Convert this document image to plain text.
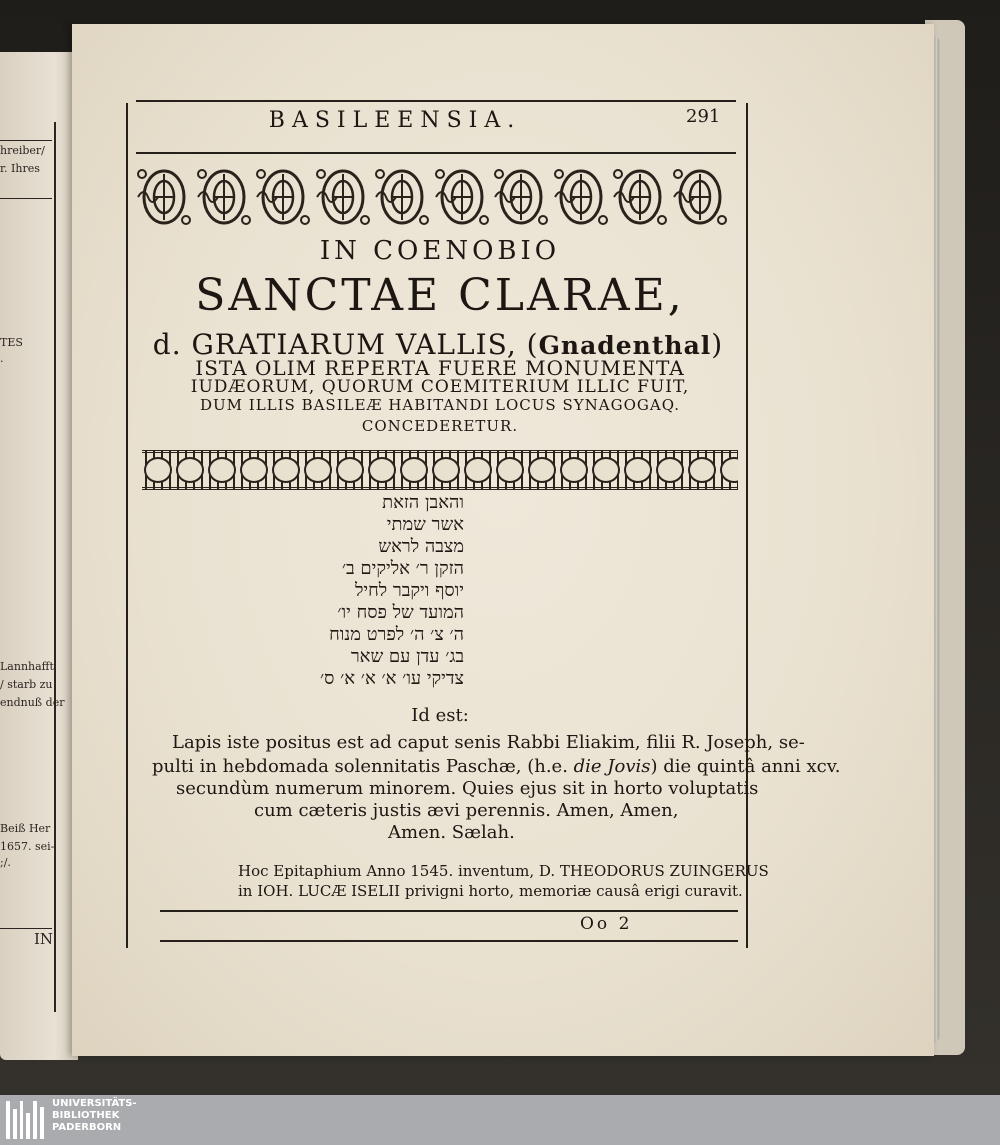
hreiber/
r. Ihres
TES
.
Lannhafft
/ starb zu
endnuß der
Beiß Her
1657. sei-
;/.
IN
BASILEENSIA.	291
IN COENOBIO
SANCTAE CLARAE,
d. GRATIARUM VALLIS, (Gnadenthal)
ISTA OLIM REPERTA FUERE MONUMENTA
IUDÆORUM, QUORUM COEMITERIUM ILLIC FUIT,
DUM ILLIS BASILEÆ HABITANDI LOCUS SYNAGOGAQ.
CONCEDERETUR.
והאבן הזאת
אשר שמתי
מצבה לראש
הזקן ר׳ אליקים ב׳
יוסף ויקבר לחיל
המועד של פסח יו׳
ה׳ צ׳ ה׳ לפרט מנוח
בג׳ עדן עם שאר
צדיקי עו׳ א׳ א׳ א׳ ס׳
Id est:
Lapis iste positus est ad caput senis Rabbi Eliakim, filii R. Joseph, se-
pulti in hebdomada solennitatis Paschæ, (h.e. die Jovis) die quintâ anni xcv.
secundùm numerum minorem. Quies ejus sit in horto voluptatis
cum cæteris justis ævi perennis. Amen, Amen,
Amen. Sælah.
Hoc Epitaphium Anno 1545. inventum, D. THEODORUS ZUINGERUS
in IOH. LUCÆ ISELII privigni horto, memoriæ causâ erigi curavit.
Oo 2
UNIVERSITÄTS-
BIBLIOTHEK
PADERBORN
